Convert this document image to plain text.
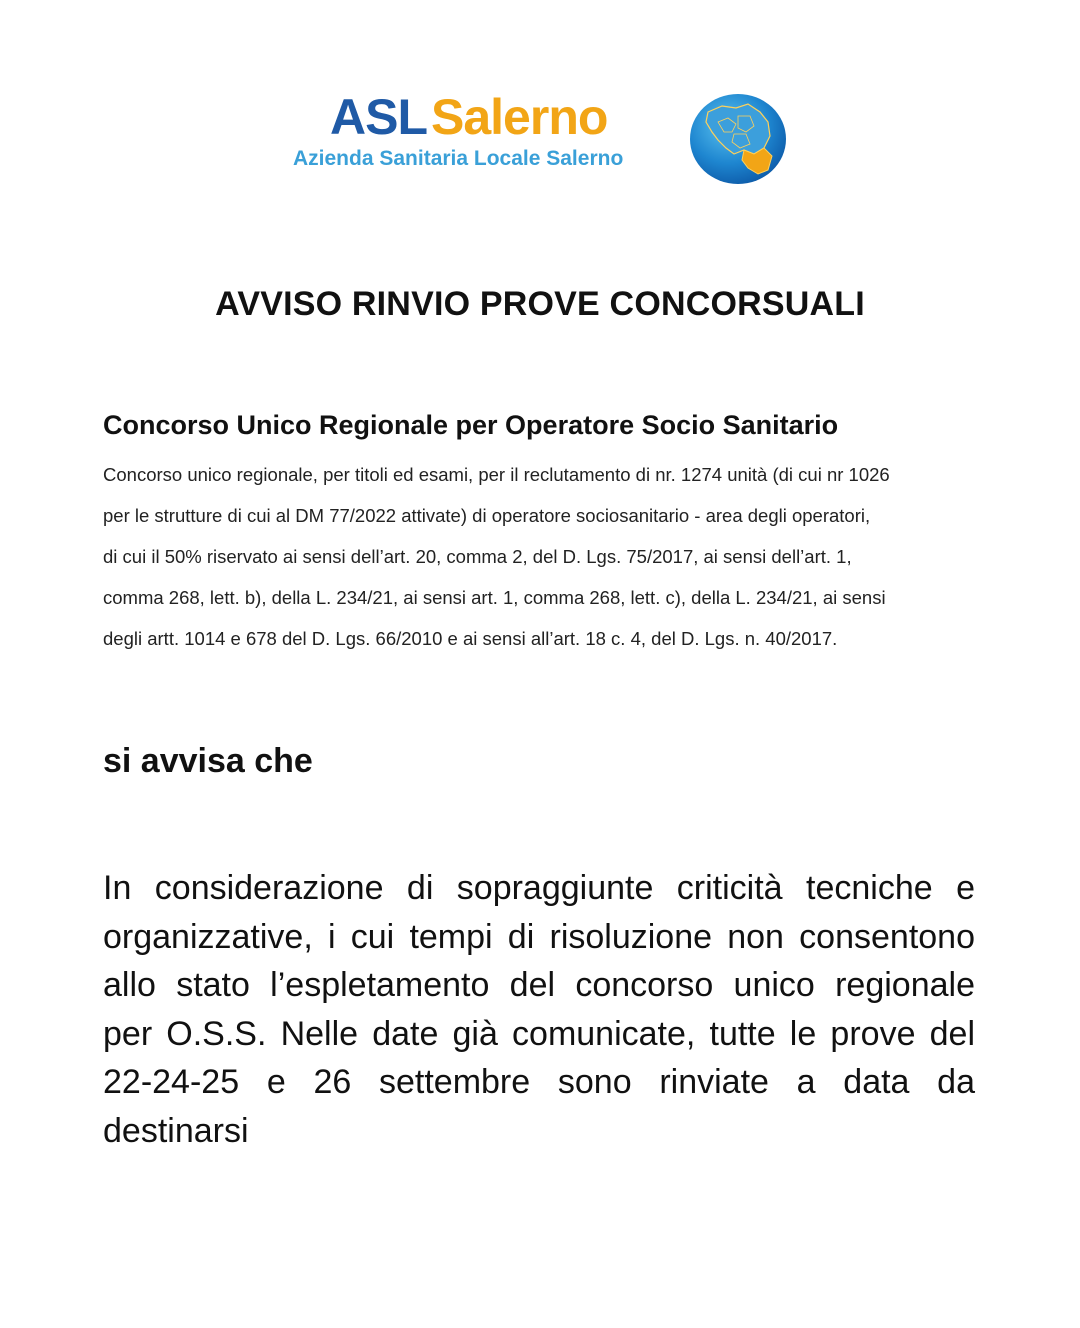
ASLSalerno
Azienda Sanitaria Locale Salerno
AVVISO RINVIO PROVE CONCORSUALI
Concorso Unico Regionale per Operatore Socio Sanitario
Concorso unico regionale, per titoli ed esami, per il reclutamento di nr. 1274 unità (di cui nr 1026
per le strutture di cui al DM 77/2022 attivate) di operatore sociosanitario - area degli operatori,
di cui il 50% riservato ai sensi dell’art. 20, comma 2, del D. Lgs. 75/2017, ai sensi dell’art. 1,
comma 268, lett. b), della L. 234/21, ai sensi art. 1, comma 268, lett. c), della L. 234/21, ai sensi
degli artt. 1014 e 678 del D. Lgs. 66/2010 e ai sensi all’art. 18 c. 4, del D. Lgs. n. 40/2017.
si avvisa che
In considerazione di sopraggiunte criticità tecniche e
organizzative, i cui tempi di risoluzione non consentono
allo stato l’espletamento del concorso unico regionale
per O.S.S. Nelle date già comunicate, tutte le prove del
22-24-25 e 26 settembre sono rinviate a data da
destinarsi
